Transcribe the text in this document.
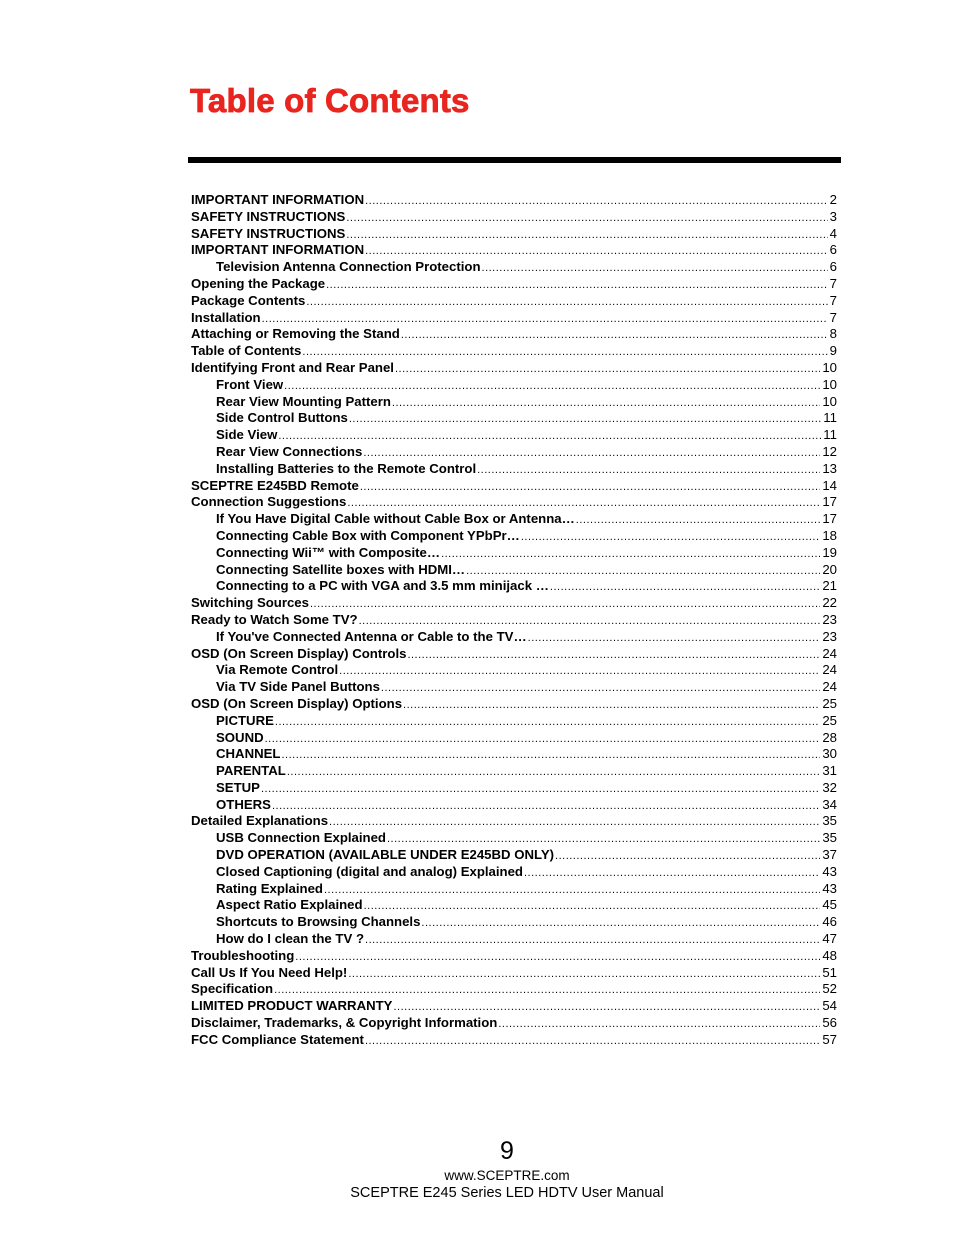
Table of Contents
IMPORTANT INFORMATION .....	2
SAFETY INSTRUCTIONS .....	3
SAFETY INSTRUCTIONS .....	4
IMPORTANT INFORMATION .....	6
Television Antenna Connection Protection .....	6
Opening the Package .....	7
Package Contents .....	7
Installation .....	7
Attaching or Removing the Stand .....	8
Table of Contents .....	9
Identifying Front and Rear Panel .....	10
Front View .....	10
Rear View Mounting Pattern .....	10
Side Control Buttons .....	11
Side View .....	11
Rear View Connections .....	12
Installing Batteries to the Remote Control .....	13
SCEPTRE E245BD Remote .....	14
Connection Suggestions .....	17
If You Have Digital Cable without Cable Box or Antenna… .....	17
Connecting Cable Box with Component YPbPr… .....	18
Connecting Wii™ with Composite… .....	19
Connecting Satellite boxes with HDMI… .....	20
Connecting to a PC with VGA and 3.5 mm minijack … .....	21
Switching Sources .....	22
Ready to Watch Some TV? .....	23
If You've Connected Antenna or Cable to the TV… .....	23
OSD (On Screen Display) Controls .....	24
Via Remote Control .....	24
Via TV Side Panel Buttons .....	24
OSD (On Screen Display) Options .....	25
PICTURE .....	25
SOUND .....	28
CHANNEL .....	30
PARENTAL .....	31
SETUP .....	32
OTHERS .....	34
Detailed Explanations .....	35
USB Connection Explained .....	35
DVD OPERATION (AVAILABLE UNDER E245BD ONLY) .....	37
Closed Captioning (digital and analog) Explained .....	43
Rating Explained .....	43
Aspect Ratio Explained .....	45
Shortcuts to Browsing Channels .....	46
How do I clean the TV ? .....	47
Troubleshooting .....	48
Call Us If You Need Help! .....	51
Specification .....	52
LIMITED PRODUCT WARRANTY .....	54
Disclaimer, Trademarks, & Copyright Information .....	56
FCC Compliance Statement .....	57
9
www.SCEPTRE.com
SCEPTRE E245 Series LED HDTV User Manual
